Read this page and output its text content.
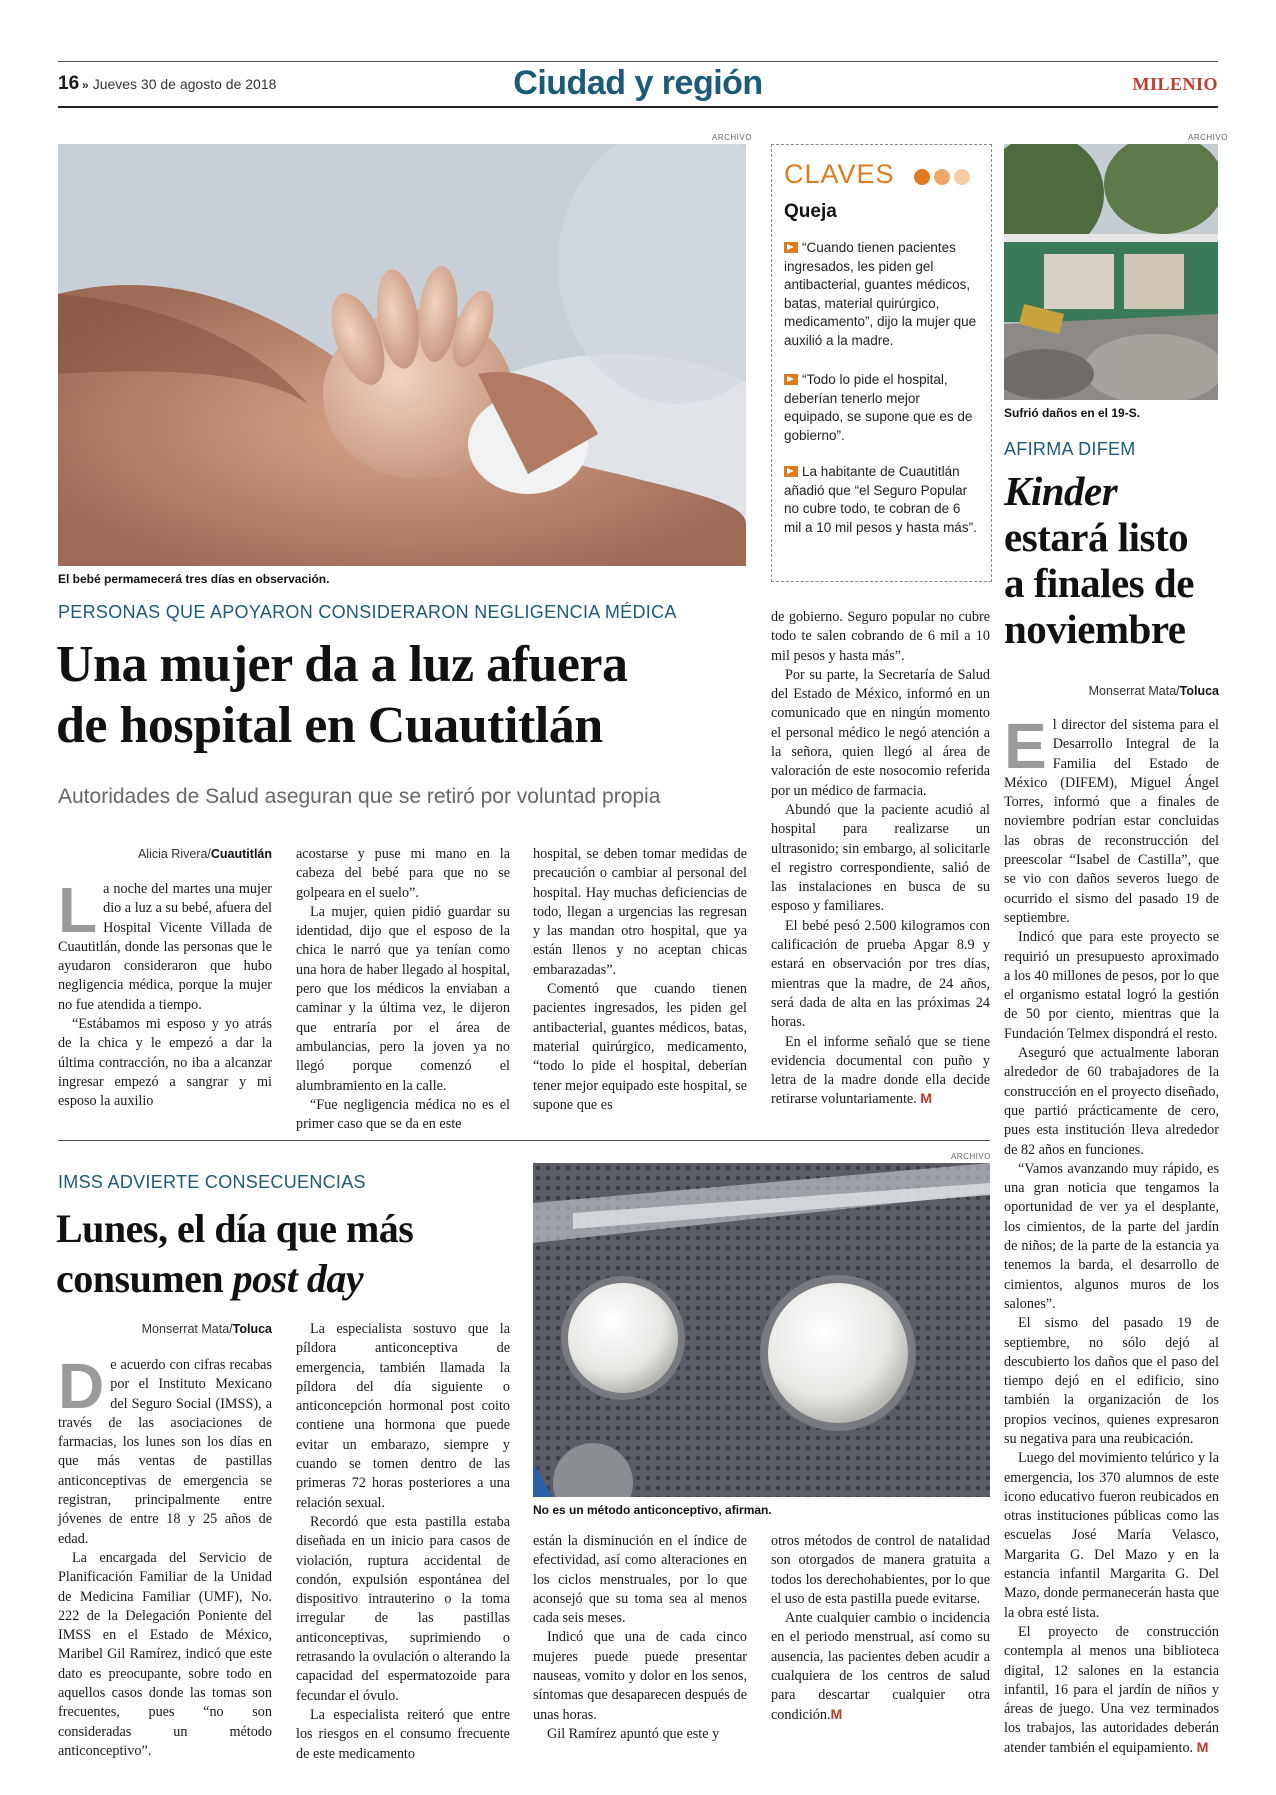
16 » Jueves 30 de agosto de 2018	Ciudad y región	MILENIO
ARCHIVO
El bebé permamecerá tres días en observación.
CLAVES
Queja
“Cuando tienen pacientes ingresados, les piden gel antibacterial, guantes médicos, batas, material quirúrgico, medicamento”, dijo la mujer que auxilió a la madre.
“Todo lo pide el hospital, deberían tenerlo mejor equipado, se supone que es de gobierno”.
La habitante de Cuautitlán añadió que “el Seguro Popular no cubre todo, te cobran de 6 mil a 10 mil pesos y hasta más”.
ARCHIVO
Sufrió daños en el 19-S.
AFIRMA DIFEM
Kinder
estará listo
a finales de
noviembre
Monserrat Mata/Toluca

El director del sistema para el Desarrollo Integral de la Familia del Estado de México (DIFEM), Miguel Ángel Torres, informó que a finales de noviembre podrían estar concluidas las obras de reconstrucción del preescolar “Isabel de Castilla”, que se vio con daños severos luego de ocurrido el sismo del pasado 19 de septiembre.

Indicó que para este proyecto se requirió un presupuesto aproximado a los 40 millones de pesos, por lo que el organismo estatal logró la gestión de 50 por ciento, mientras que la Fundación Telmex dispondrá el resto.

Aseguró que actualmente laboran alrededor de 60 trabajadores de la construcción en el proyecto diseñado, que partió prácticamente de cero, pues esta institución lleva alrededor de 82 años en funciones.

“Vamos avanzando muy rápido, es una gran noticia que tengamos la oportunidad de ver ya el desplante, los cimientos, de la parte del jardín de niños; de la parte de la estancia ya tenemos la barda, el desarrollo de cimientos, algunos muros de los salones”.

El sismo del pasado 19 de septiembre, no sólo dejó al descubierto los daños que el paso del tiempo dejó en el edificio, sino también la organización de los propios vecinos, quienes expresaron su negativa para una reubicación.

Luego del movimiento telúrico y la emergencia, los 370 alumnos de este icono educativo fueron reubicados en otras instituciones públicas como las escuelas José María Velasco, Margarita G. Del Mazo y en la estancia infantil Margarita G. Del Mazo, donde permanecerán hasta que la obra esté lista.

El proyecto de construcción contempla al menos una biblioteca digital, 12 salones en la estancia infantil, 16 para el jardín de niños y áreas de juego. Una vez terminados los trabajos, las autoridades deberán atender también el equipamiento. M

PERSONAS QUE APOYARON CONSIDERARON NEGLIGENCIA MÉDICA
Una mujer da a luz afuera
de hospital en Cuautitlán
Autoridades de Salud aseguran que se retiró por voluntad propia
Alicia Rivera/Cuautitlán

La noche del martes una mujer dio a luz a su bebé, afuera del Hospital Vicente Villada de Cuautitlán, donde las personas que le ayudaron consideraron que hubo negligencia médica, porque la mujer no fue atendida a tiempo.

“Estábamos mi esposo y yo atrás de la chica y le empezó a dar la última contracción, no iba a alcanzar ingresar empezó a sangrar y mi esposo la auxilio

acostarse y puse mi mano en la cabeza del bebé para que no se golpeara en el suelo”.

La mujer, quien pidió guardar su identidad, dijo que el esposo de la chica le narró que ya tenían como una hora de haber llegado al hospital, pero que los médicos la enviaban a caminar y la última vez, le dijeron que entraría por el área de ambulancias, pero la joven ya no llegó porque comenzó el alumbramiento en la calle.

“Fue negligencia médica no es el primer caso que se da en este

hospital, se deben tomar medidas de precaución o cambiar al personal del hospital. Hay muchas deficiencias de todo, llegan a urgencias las regresan y las mandan otro hospital, que ya están llenos y no aceptan chicas embarazadas”.

Comentó que cuando tienen pacientes ingresados, les piden gel antibacterial, guantes médicos, batas, material quirúrgico, medicamento, “todo lo pide el hospital, deberían tener mejor equipado este hospital, se supone que es

de gobierno. Seguro popular no cubre todo te salen cobrando de 6 mil a 10 mil pesos y hasta más”.

Por su parte, la Secretaría de Salud del Estado de México, informó en un comunicado que en ningún momento el personal médico le negó atención a la señora, quien llegó al área de valoración de este nosocomio referida por un médico de farmacia.

Abundó que la paciente acudió al hospital para realizarse un ultrasonido; sin embargo, al solicitarle el registro correspondiente, salió de las instalaciones en busca de su esposo y familiares.

El bebé pesó 2.500 kilogramos con calificación de prueba Apgar 8.9 y estará en observación por tres días, mientras que la madre, de 24 años, será dada de alta en las próximas 24 horas.

En el informe señaló que se tiene evidencia documental con puño y letra de la madre donde ella decide retirarse voluntariamente. M

IMSS ADVIERTE CONSECUENCIAS
Lunes, el día que más
consumen post day
Monserrat Mata/Toluca
ARCHIVO
No es un método anticonceptivo, afirman.

De acuerdo con cifras recabas por el Instituto Mexicano del Seguro Social (IMSS), a través de las asociaciones de farmacias, los lunes son los días en que más ventas de pastillas anticonceptivas de emergencia se registran, principalmente entre jóvenes de entre 18 y 25 años de edad.

La encargada del Servicio de Planificación Familiar de la Unidad de Medicina Familiar (UMF), No. 222 de la Delegación Poniente del IMSS en el Estado de México, Maribel Gil Ramírez, indicó que este dato es preocupante, sobre todo en aquellos casos donde las tomas son frecuentes, pues “no son consideradas un método anticonceptivo”.

La especialista sostuvo que la píldora anticonceptiva de emergencia, también llamada la píldora del día siguiente o anticoncepción hormonal post coito contiene una hormona que puede evitar un embarazo, siempre y cuando se tomen dentro de las primeras 72 horas posteriores a una relación sexual.

Recordó que esta pastilla estaba diseñada en un inicio para casos de violación, ruptura accidental de condón, expulsión espontánea del dispositivo intrauterino o la toma irregular de las pastillas anticonceptivas, suprimiendo o retrasando la ovulación o alterando la capacidad del espermatozoide para fecundar el óvulo.

La especialista reiteró que entre los riesgos en el consumo frecuente de este medicamento

están la disminución en el índice de efectividad, así como alteraciones en los ciclos menstruales, por lo que aconsejó que su toma sea al menos cada seis meses.

Indicó que una de cada cinco mujeres puede puede presentar nauseas, vomito y dolor en los senos, síntomas que desaparecen después de unas horas.

Gil Ramírez apuntó que este y

otros métodos de control de natalidad son otorgados de manera gratuita a todos los derechohabientes, por lo que el uso de esta pastilla puede evitarse.

Ante cualquier cambio o incidencia en el periodo menstrual, así como su ausencia, las pacientes deben acudir a cualquiera de los centros de salud para descartar cualquier otra condición.M
